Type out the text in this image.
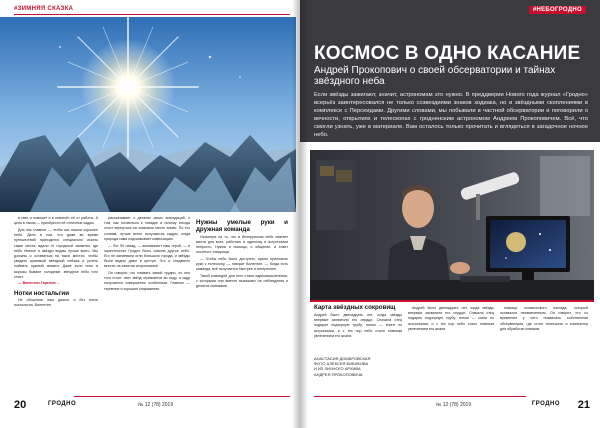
#ЗИМНЯЯ СКАЗКА

в свет и поможет и в отвлечёт её от работы. А цель в таком — приобрести её отличные кадры.

Для нас главное — чтобы мы нашли хорошее небо. Дело в том, что даже во время путешествий приходится специально искать такие места, вдали от городской засветки, где небо тёмное и звёзды видны лучше всего. Мы должны и оставаться на таких местах, чтобы увидеть красивый звёздный пейзаж и успеть поймать нужный момент. Даже если ночь в морозы бывают холодные, звёздное небо того стоит.

— Валентин Гарелов ...

Нотки ностальгии

Не обошлось наш диалог и без ноток ностальгии. Валентин

рассказывает о деталях своих экспедиций, о том, как готовиться к поездке и почему иногда стоит вернуться на знакомое место вновь. По его словам, лучше всего получаются кадры, когда природа сама подсказывает композицию.

— Лет 50 назад, — вспоминает наш герой, — в окрестностях Гродно было совсем другое небо. Его не затмевали огни большого города, и звёзды были видны даже в центре. Это и сподвигло многих на занятия астрономией.

Он говорит, что снимать зимой трудно, но оно того стоит: свет звёзд отражается во льду, и кадр получается совершенно особенным. Главное — терпение и хорошее снаряжение.

Нужны умелые руки и дружная команда

Несмотря на то, что в белорусском небе хватает места для всех, работать в одиночку в астрономии непросто. Нужна и помощь, и общение, и совет опытного товарища.

— Чтобы небо было доступно, нужно приложить руки к телескопу, — говорит Валентин. — Когда есть команда, всё получается быстрее и интереснее.

Такой командой для него стали единомышленники, с которыми они вместе выезжают на наблюдения и делятся снимками.

20	ГРОДНО	№ 12 (78) 2019
#НЕБОГРОДНО
КОСМОС В ОДНО КАСАНИЕ
Андрей Прокопович о своей обсерватории и тайнах звёздного неба
Если звёзды зажигают, значит, астрономам это нужно. В преддверии Нового года журнал «Гродно» всерьёз заинтересовался не только созвездиями знаков зодиака, но и звёздными скоплениями в комплексе с Персеидами. Другими словами, мы побывали в частной обсерватории и поговорили о вечности, открытиях и телескопах с гродненским астрономом Андреем Прокоповичем. Всё, что смогли узнать, уже в материале. Вам осталось только прочитать и вглядеться в загадочное ночное небо.
Карта звёздных сокровищ
Андрей было двенадцать лет, когда звёзды впервые захватили его сердце. Сначала отец подарил подзорную трубу, потом — книги по астрономии, и с тех пор небо стало главным увлечением его жизни.
АНАСТАСИЯ ДОМБРОВСКАЯ
ФОТО АЛЕКСЕЯ БИБИКОВА
И ИЗ ЛИЧНОГО АРХИВА
АНДРЕЯ ПРОКОПОВИЧА

Андрей было двенадцать лет, когда звёзды впервые захватили его сердце. Сначала отец подарил подзорную трубу, потом — книги по астрономии, и с тех пор небо стало главным увлечением его жизни.

помощи космического взгляда, который оставался незамеченным. Он говорит, что со временем у него появилась собственная обсерватория, где стоят телескопы и компьютер для обработки снимков.

№ 12 (78) 2019	ГРОДНО 21
